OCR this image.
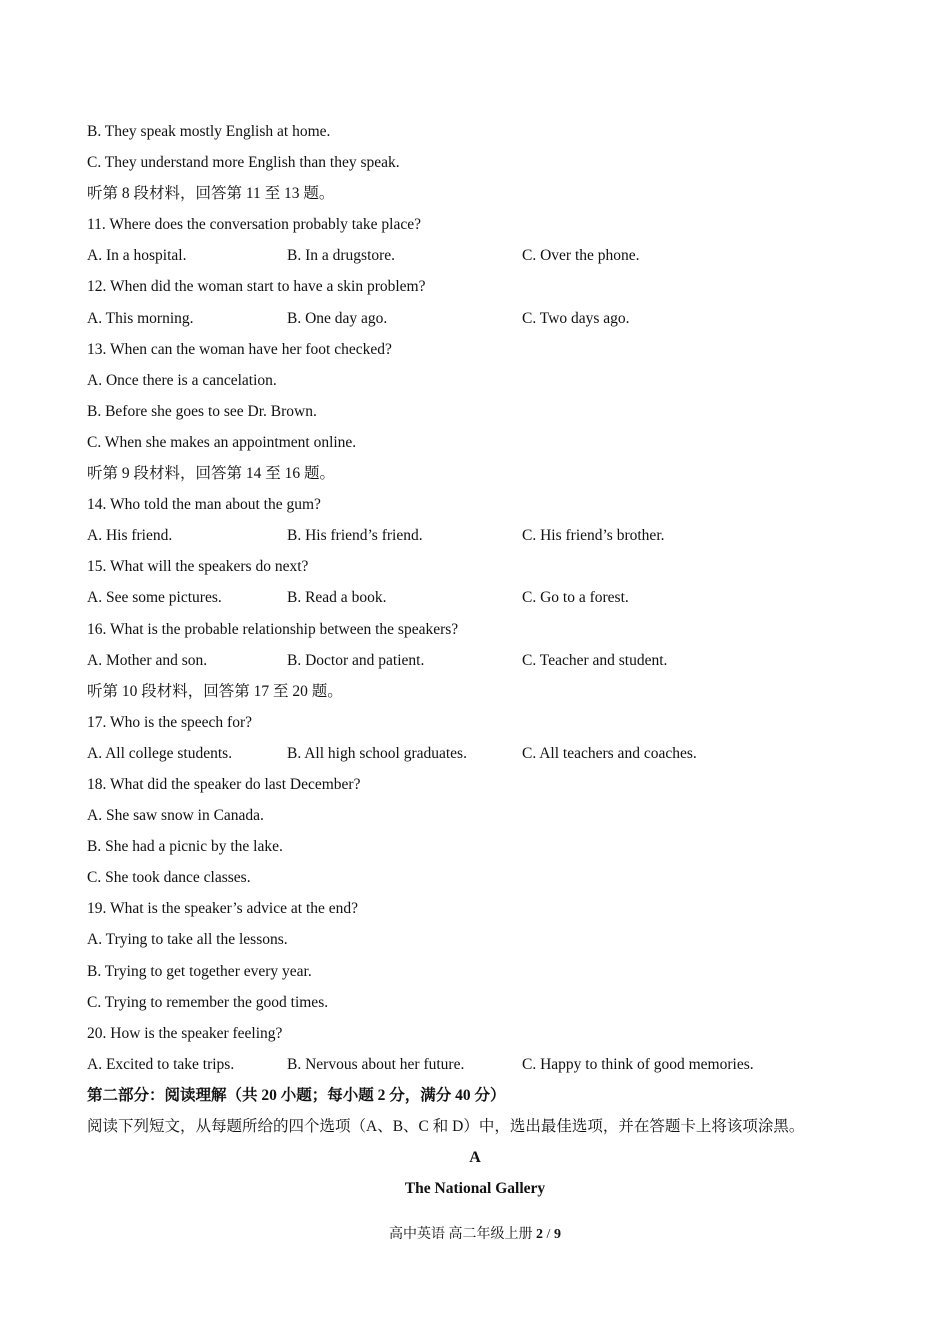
B. They speak mostly English at home.
C. They understand more English than they speak.
听第 8 段材料，回答第 11 至 13 题。
11. Where does the conversation probably take place?
A. In a hospital.	B. In a drugstore.	C. Over the phone.
12. When did the woman start to have a skin problem?
A. This morning.	B. One day ago.	C. Two days ago.
13. When can the woman have her foot checked?
A. Once there is a cancelation.
B. Before she goes to see Dr. Brown.
C. When she makes an appointment online.
听第 9 段材料，回答第 14 至 16 题。
14. Who told the man about the gum?
A. His friend.	B. His friend’s friend.	C. His friend’s brother.
15. What will the speakers do next?
A. See some pictures.	B. Read a book.	C. Go to a forest.
16. What is the probable relationship between the speakers?
A. Mother and son.	B. Doctor and patient.	C. Teacher and student.
听第 10 段材料，回答第 17 至 20 题。
17. Who is the speech for?
A. All college students.	B. All high school graduates.	C. All teachers and coaches.
18. What did the speaker do last December?
A. She saw snow in Canada.
B. She had a picnic by the lake.
C. She took dance classes.
19. What is the speaker’s advice at the end?
A. Trying to take all the lessons.
B. Trying to get together every year.
C. Trying to remember the good times.
20. How is the speaker feeling?
A. Excited to take trips.	B. Nervous about her future.	C. Happy to think of good memories.
第二部分：阅读理解（共 20 小题；每小题 2 分，满分 40 分）
阅读下列短文，从每题所给的四个选项（A、B、C 和 D）中，选出最佳选项，并在答题卡上将该项涂黑。
A
The National Gallery
高中英语 高二年级上册 2 / 9
